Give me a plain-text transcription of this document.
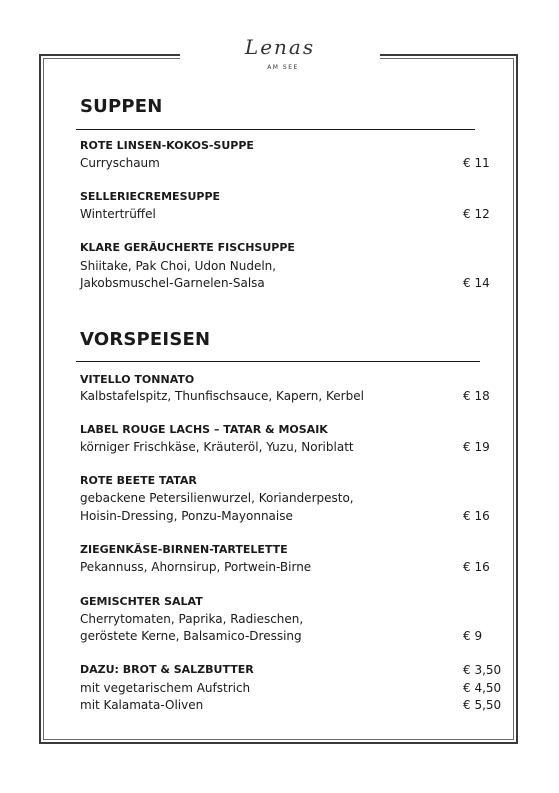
Lenas
AM SEE
SUPPEN
ROTE LINSEN-KOKOS-SUPPE
Curryschaum	€ 11
SELLERIECREMESUPPE
Wintertrüffel	€ 12
KLARE GERÄUCHERTE FISCHSUPPE
Shiitake, Pak Choi, Udon Nudeln,
Jakobsmuschel-Garnelen-Salsa	€ 14
VORSPEISEN
VITELLO TONNATO
Kalbstafelspitz, Thunfischsauce, Kapern, Kerbel	€ 18
LABEL ROUGE LACHS – TATAR & MOSAIK
körniger Frischkäse, Kräuteröl, Yuzu, Noriblatt	€ 19
ROTE BEETE TATAR
gebackene Petersilienwurzel, Korianderpesto,
Hoisin-Dressing, Ponzu-Mayonnaise	€ 16
ZIEGENKÄSE-BIRNEN-TARTELETTE
Pekannuss, Ahornsirup, Portwein-Birne	€ 16
GEMISCHTER SALAT
Cherrytomaten, Paprika, Radieschen,
geröstete Kerne, Balsamico-Dressing	€ 9
DAZU: BROT & SALZBUTTER	€ 3,50
mit vegetarischem Aufstrich	€ 4,50
mit Kalamata-Oliven	€ 5,50
